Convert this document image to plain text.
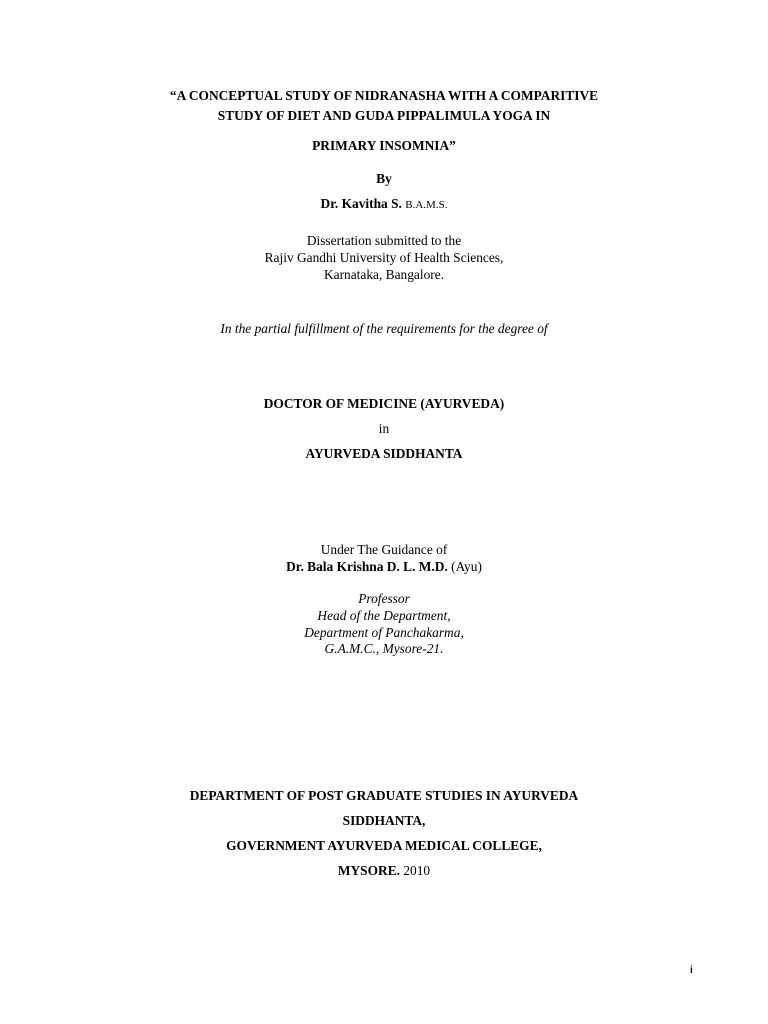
“A CONCEPTUAL STUDY OF NIDRANASHA WITH A COMPARITIVE
STUDY OF DIET AND GUDA PIPPALIMULA YOGA IN
PRIMARY INSOMNIA”
By
Dr. Kavitha S. B.A.M.S.
Dissertation submitted to the
Rajiv Gandhi University of Health Sciences,
Karnataka, Bangalore.
In the partial fulfillment of the requirements for the degree of
DOCTOR OF MEDICINE (AYURVEDA)
in
AYURVEDA SIDDHANTA
Under The Guidance of
Dr. Bala Krishna D. L. M.D. (Ayu)
Professor
Head of the Department,
Department of Panchakarma,
G.A.M.C., Mysore-21.
DEPARTMENT OF POST GRADUATE STUDIES IN AYURVEDA
SIDDHANTA,
GOVERNMENT AYURVEDA MEDICAL COLLEGE,
MYSORE. 2010
i
